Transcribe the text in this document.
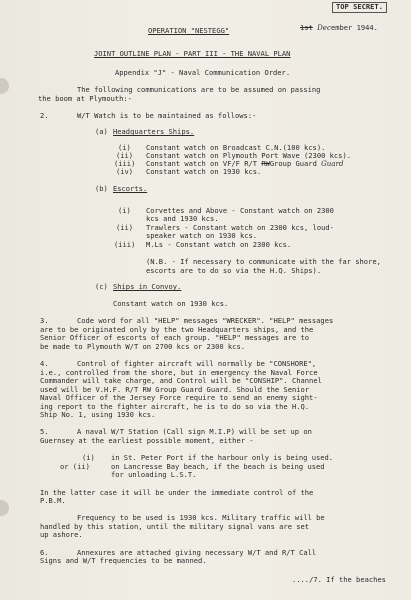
TOP SECRET.
1st December 1944.
OPERATION "NESTEGG"
JOINT OUTLINE PLAN - PART III - THE NAVAL PLAN
Appendix "J" - Naval Communication Order.
The following communications are to be assumed on passing
the boom at Plymouth:-
2.	W/T Watch is to be maintained as follows:-
(a) Headquarters Ships.
(i) Constant watch on Broadcast C.N.(100 kcs).
(ii) Constant watch on Plymouth Port Wave (2300 kcs).
(iii) Constant watch on VF/F R/T RWGroup Guard Guard
(iv) Constant watch on 1930 kcs.
(b) Escorts.
(i) Corvettes and Above - Constant watch on 2300
kcs and 1930 kcs.
(ii) Trawlers - Constant watch on 2300 kcs, loud-
speaker watch on 1930 kcs.
(iii) M.Ls - Constant watch on 2300 kcs.
(N.B. - If necessary to communicate with the far shore,
escorts are to do so via the H.Q. Ships).
(c) Ships in Convoy.
Constant watch on 1930 kcs.
3.	Code word for all "HELP" messages "WRECKER". "HELP" messages
are to be originated only by the two Headquarters ships, and the
Senior Officer of escorts of each group. "HELP" messages are to
be made to Plymouth W/T on 2700 kcs or 2300 kcs.
4.	Control of fighter aircraft will normally be "CONSHORE",
i.e., controlled from the shore, but in emergency the Naval Force
Commander will take charge, and Control will be "CONSHIP". Channel
used will be V.H.F. R/T RW Group Guard Guard. Should the Senior
Naval Officer of the Jersey Force require to send an enemy sight-
ing report to the fighter aircraft, he is to do so via the H.Q.
Ship No. 1, using 1930 kcs.
5.	A naval W/T Station (Call sign M.I.P) will be set up on
Guernsey at the earliest possible moment, either -
(i) in St. Peter Port if the harbour only is being used.
or (ii)	on Lancresse Bay beach, if the beach is being used
for unloading L.S.T.
In the latter case it will be under the immediate control of the
P.B.M.
Frequency to be used is 1930 kcs. Military traffic will be
handled by this station, until the military signal vans are set
up ashore.
6.	Annexures are attached giving necessary W/T and R/T Call
Signs and W/T frequencies to be manned.
..../7. If the beaches
